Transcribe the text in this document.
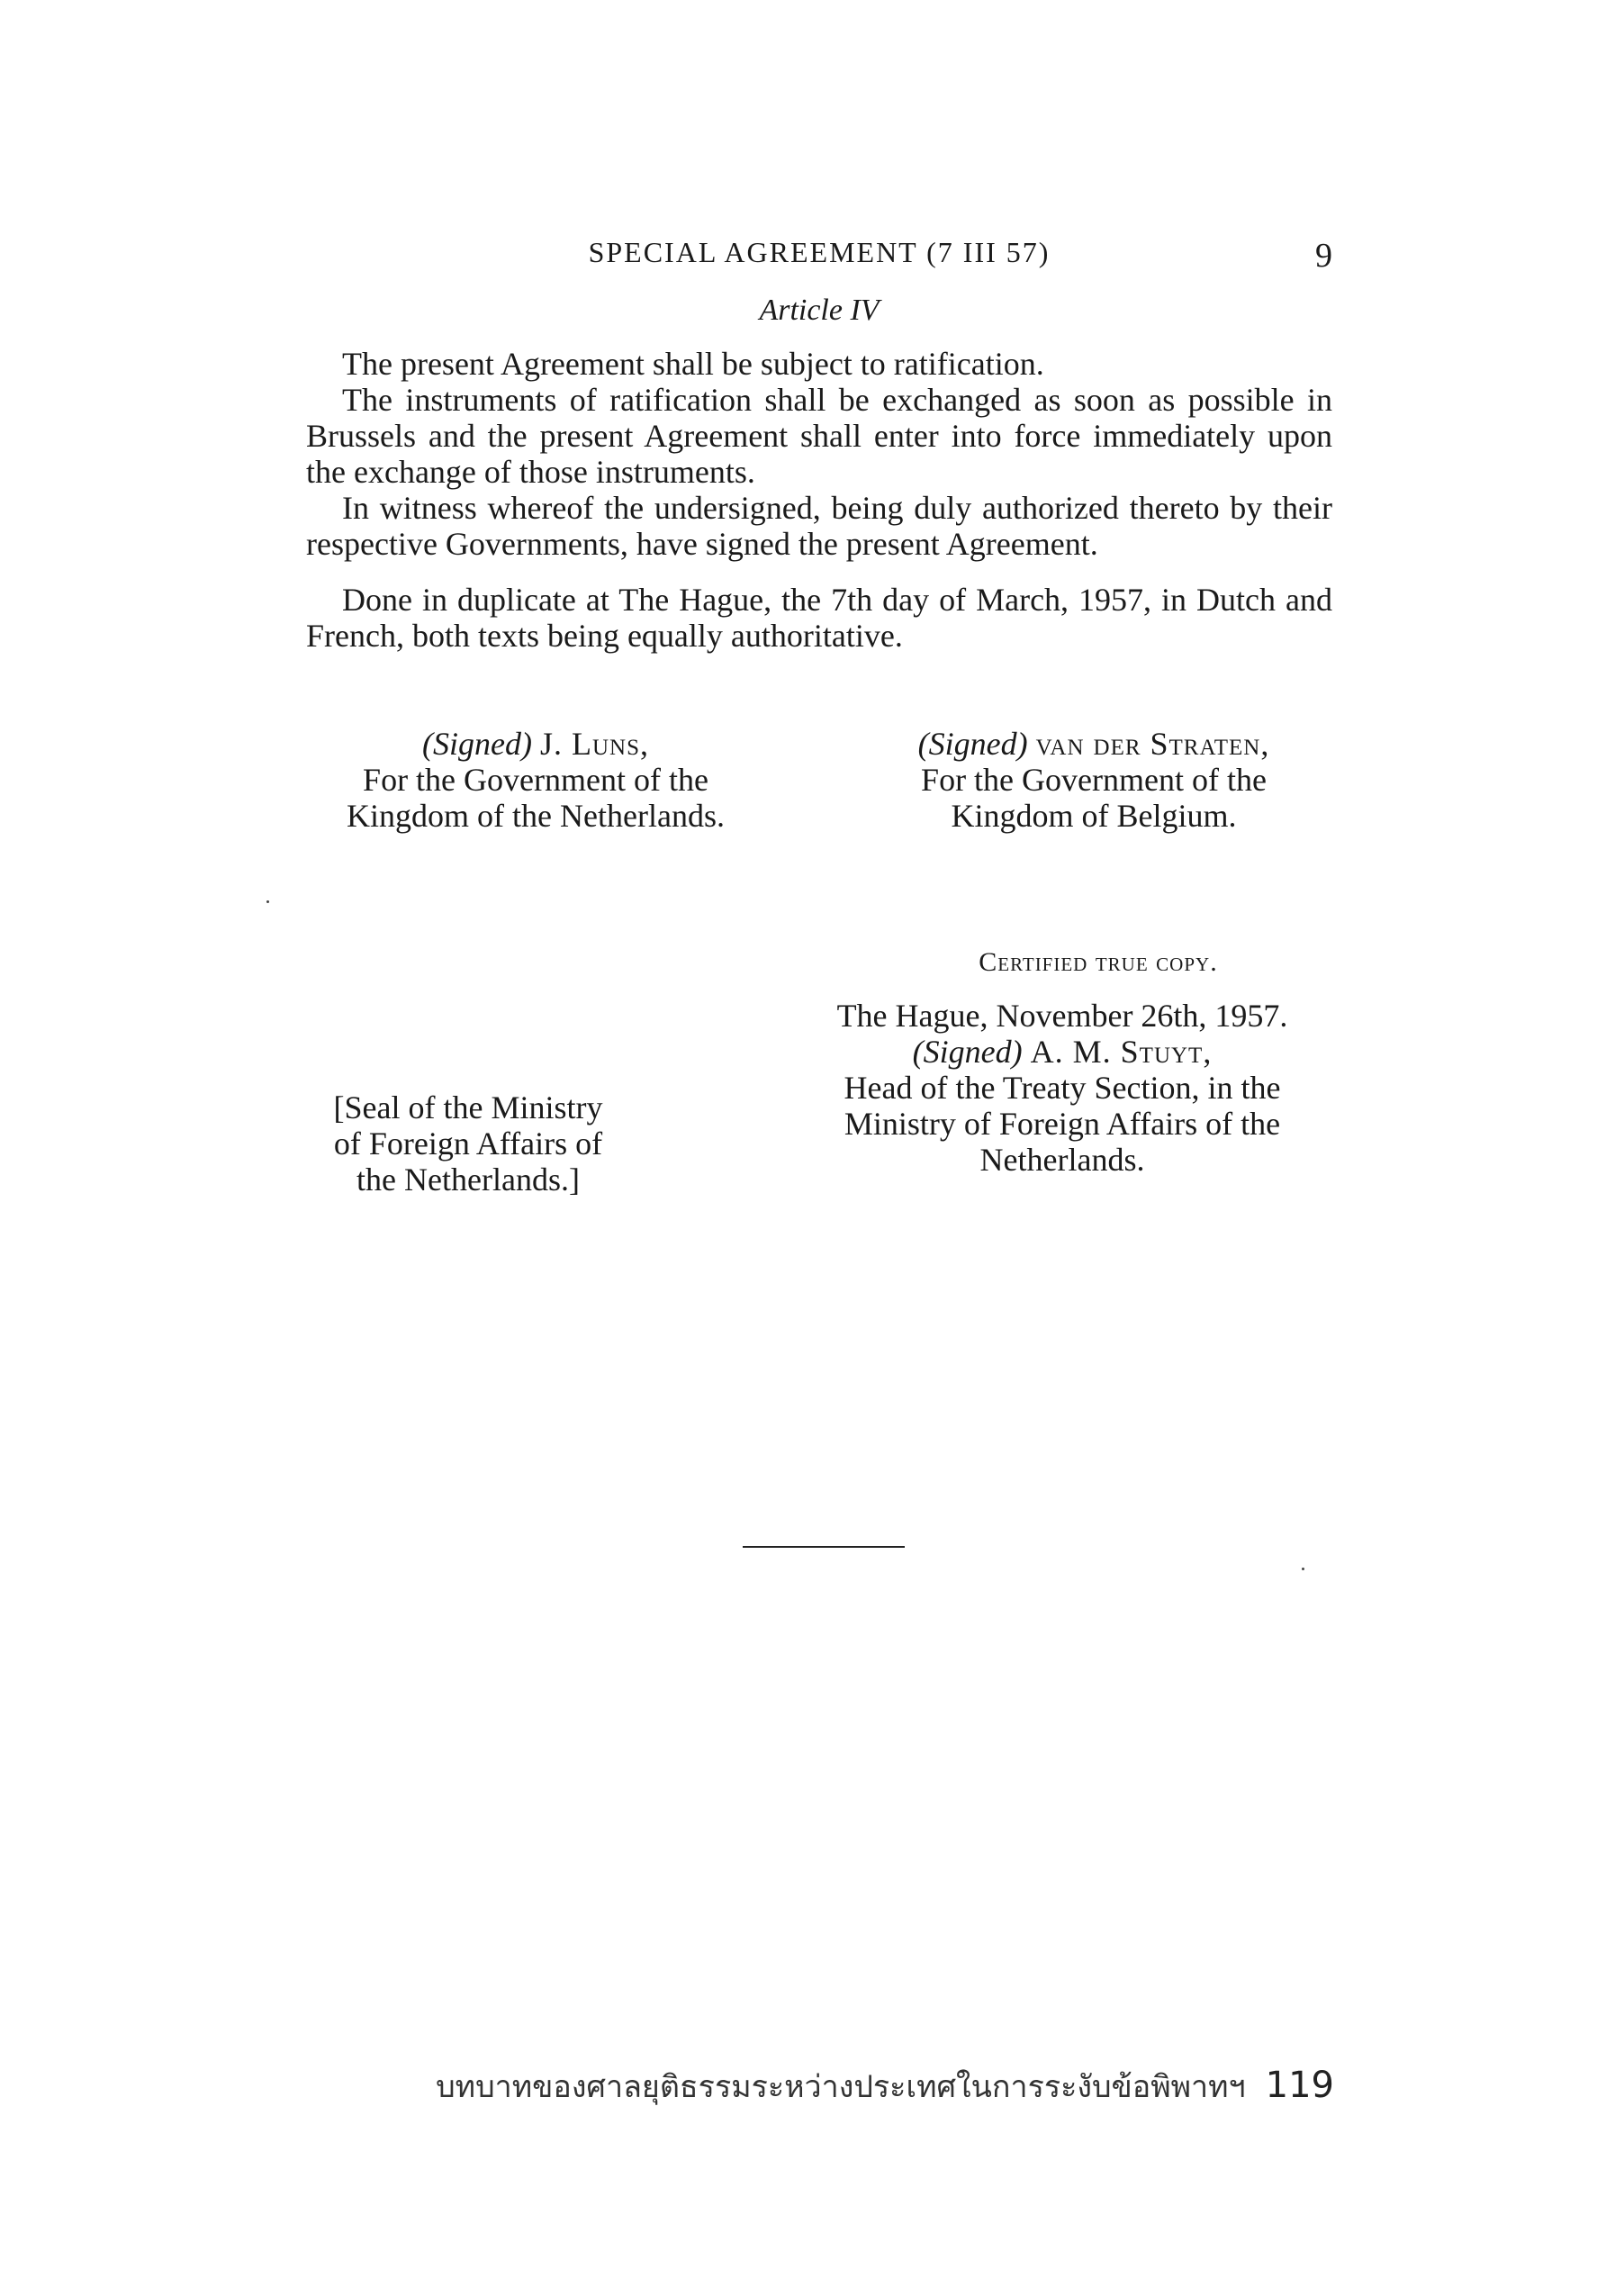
SPECIAL AGREEMENT (7 III 57)	9
Article IV

The present Agreement shall be subject to ratification.

The instruments of ratification shall be exchanged as soon as possible in Brussels and the present Agreement shall enter into force immediately upon the exchange of those instruments.

In witness whereof the undersigned, being duly authorized thereto by their respective Governments, have signed the present Agreement.

Done in duplicate at The Hague, the 7th day of March, 1957, in Dutch and French, both texts being equally authoritative.

(Signed) J. Luns,
For the Government of the
Kingdom of the Netherlands.
(Signed) van der Straten,
For the Government of the
Kingdom of Belgium.
Certified true copy.
The Hague, November 26th, 1957.
(Signed) A. M. Stuyt,
Head of the Treaty Section, in the
Ministry of Foreign Affairs of the
Netherlands.
[Seal of the Ministry
of Foreign Affairs of
the Netherlands.]
บทบาทของศาลยุติธรรมระหว่างประเทศในการระงับข้อพิพาทฯ 119
